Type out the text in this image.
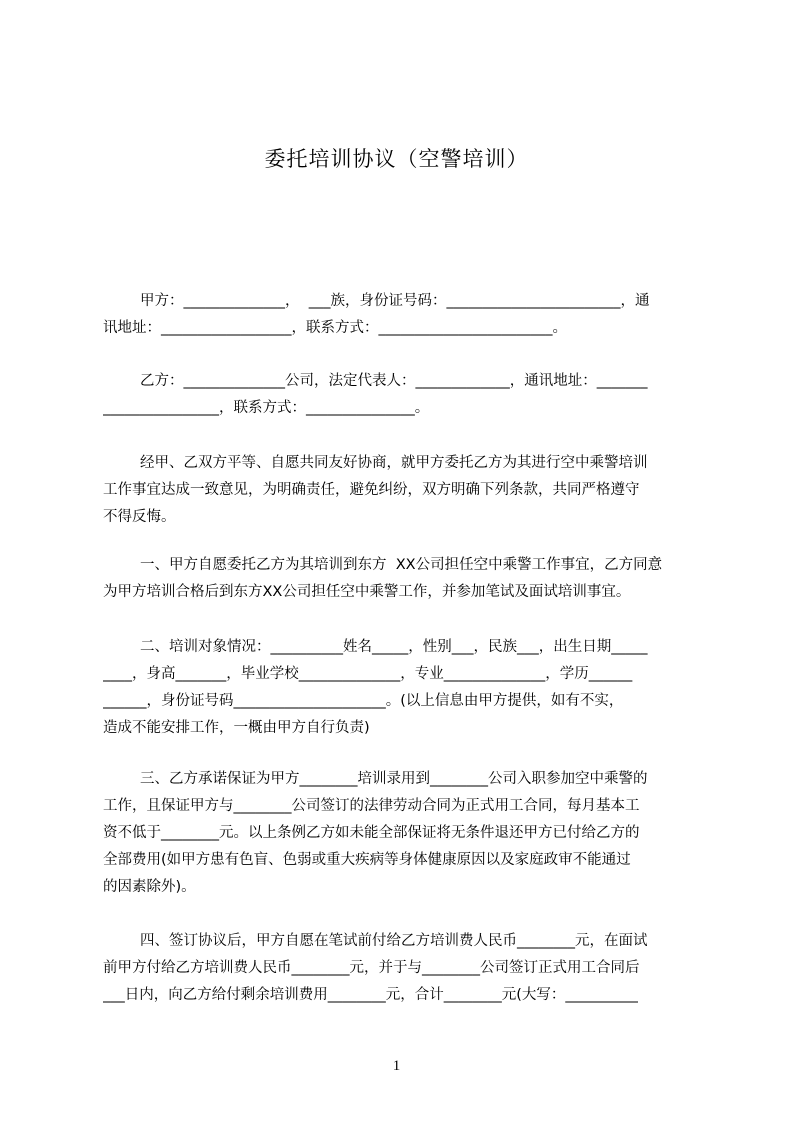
委托培训协议（空警培训）
甲方：______________，  ___族，身份证号码：________________________，通
讯地址：__________________，联系方式：________________________。
乙方：______________公司，法定代表人：_____________，通讯地址：_______
________________，联系方式：_______________。
经甲、乙双方平等、自愿共同友好协商，就甲方委托乙方为其进行空中乘警培训
工作事宜达成一致意见，为明确责任，避免纠纷，双方明确下列条款，共同严格遵守
不得反悔。
一、甲方自愿委托乙方为其培训到东方  XX公司担任空中乘警工作事宜，乙方同意
为甲方培训合格后到东方XX公司担任空中乘警工作，并参加笔试及面试培训事宜。
二、培训对象情况：__________姓名_____，性别___，民族___，出生日期_____
____，身高_______，毕业学校______________，专业______________，学历______
______，身份证号码_____________________。(以上信息由甲方提供，如有不实，
造成不能安排工作，一概由甲方自行负责)
三、乙方承诺保证为甲方________培训录用到________公司入职参加空中乘警的
工作，且保证甲方与________公司签订的法律劳动合同为正式用工合同，每月基本工
资不低于________元。以上条例乙方如未能全部保证将无条件退还甲方已付给乙方的
全部费用(如甲方患有色盲、色弱或重大疾病等身体健康原因以及家庭政审不能通过
的因素除外)。
四、签订协议后，甲方自愿在笔试前付给乙方培训费人民币________元，在面试
前甲方付给乙方培训费人民币________元，并于与________公司签订正式用工合同后
___日内，向乙方给付剩余培训费用________元，合计________元(大写：__________
1
